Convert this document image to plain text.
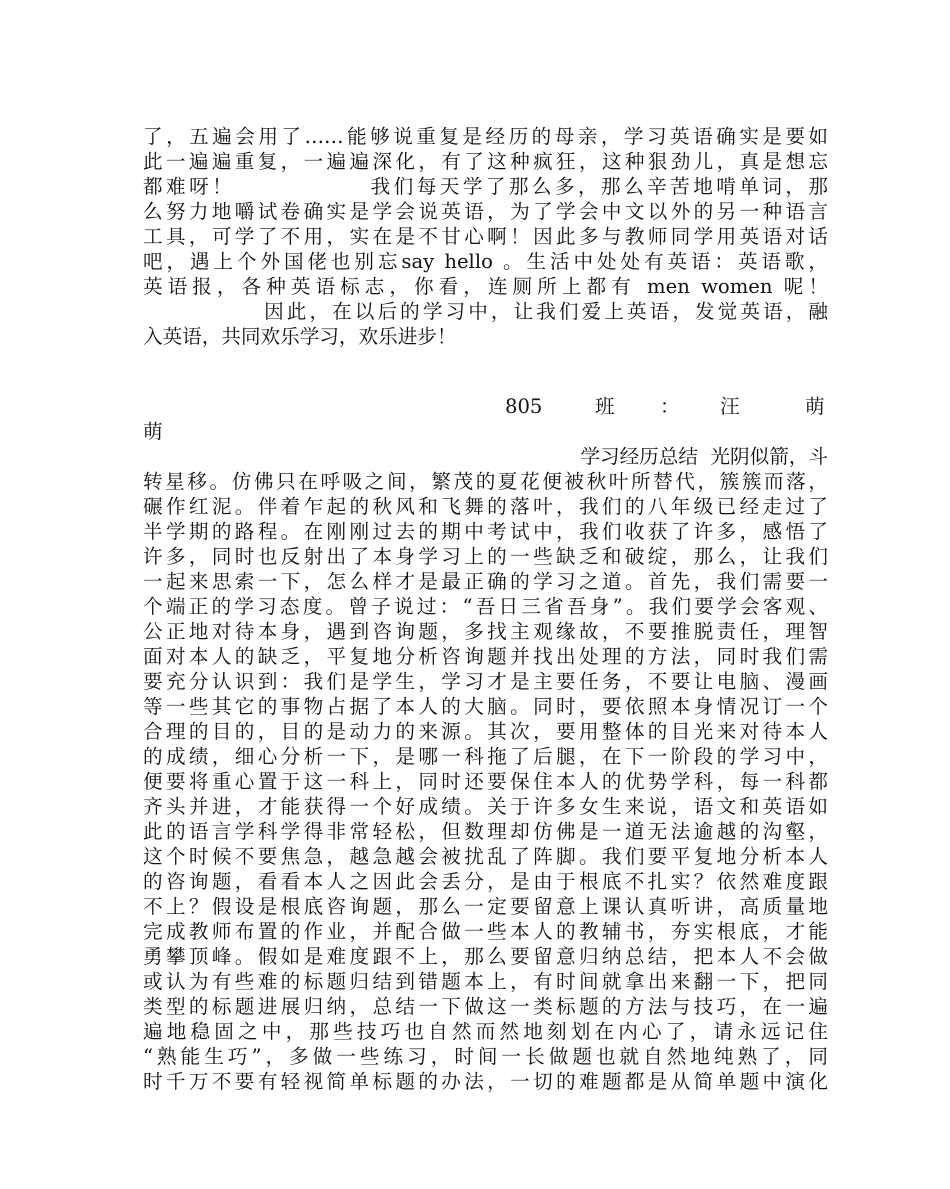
了，五遍会用了……能够说重复是经历的母亲，学习英语确实是要如
此一遍遍重复，一遍遍深化，有了这种疯狂，这种狠劲儿，真是想忘
都难呀！              我们每天学了那么多，那么辛苦地啃单词，那
么努力地嚼试卷确实是学会说英语，为了学会中文以外的另一种语言
工具，可学了不用，实在是不甘心啊！因此多与教师同学用英语对话
吧，遇上个外国佬也别忘say hello 。生活中处处有英语：英语歌，
英语报，各种英语标志，你看，连厕所上都有 men women 呢！
因此，在以后的学习中，让我们爱上英语，发觉英语，融
入英语，共同欢乐学习，欢乐进步！
805	班 ： 汪	萌
萌
学习经历总结  光阴似箭，斗
转星移。仿佛只在呼吸之间，繁茂的夏花便被秋叶所替代，簇簇而落，
碾作红泥。伴着乍起的秋风和飞舞的落叶，我们的八年级已经走过了
半学期的路程。在刚刚过去的期中考试中，我们收获了许多，感悟了
许多，同时也反射出了本身学习上的一些缺乏和破绽，那么，让我们
一起来思索一下，怎么样才是最正确的学习之道。首先，我们需要一
个端正的学习态度。曾子说过：“吾日三省吾身”。我们要学会客观、
公正地对待本身，遇到咨询题，多找主观缘故，不要推脱责任，理智
面对本人的缺乏，平复地分析咨询题并找出处理的方法，同时我们需
要充分认识到：我们是学生，学习才是主要任务，不要让电脑、漫画
等一些其它的事物占据了本人的大脑。同时，要依照本身情况订一个
合理的目的，目的是动力的来源。其次，要用整体的目光来对待本人
的成绩，细心分析一下，是哪一科拖了后腿，在下一阶段的学习中，
便要将重心置于这一科上，同时还要保住本人的优势学科，每一科都
齐头并进，才能获得一个好成绩。关于许多女生来说，语文和英语如
此的语言学科学得非常轻松，但数理却仿佛是一道无法逾越的沟壑，
这个时候不要焦急，越急越会被扰乱了阵脚。我们要平复地分析本人
的咨询题，看看本人之因此会丢分，是由于根底不扎实？依然难度跟
不上？假设是根底咨询题，那么一定要留意上课认真听讲，高质量地
完成教师布置的作业，并配合做一些本人的教辅书，夯实根底，才能
勇攀顶峰。假如是难度跟不上，那么要留意归纳总结，把本人不会做
或认为有些难的标题归结到错题本上，有时间就拿出来翻一下，把同
类型的标题进展归纳，总结一下做这一类标题的方法与技巧，在一遍
遍地稳固之中，那些技巧也自然而然地刻划在内心了，请永远记住
“熟能生巧”，多做一些练习，时间一长做题也就自然地纯熟了，同
时千万不要有轻视简单标题的办法，一切的难题都是从简单题中演化
